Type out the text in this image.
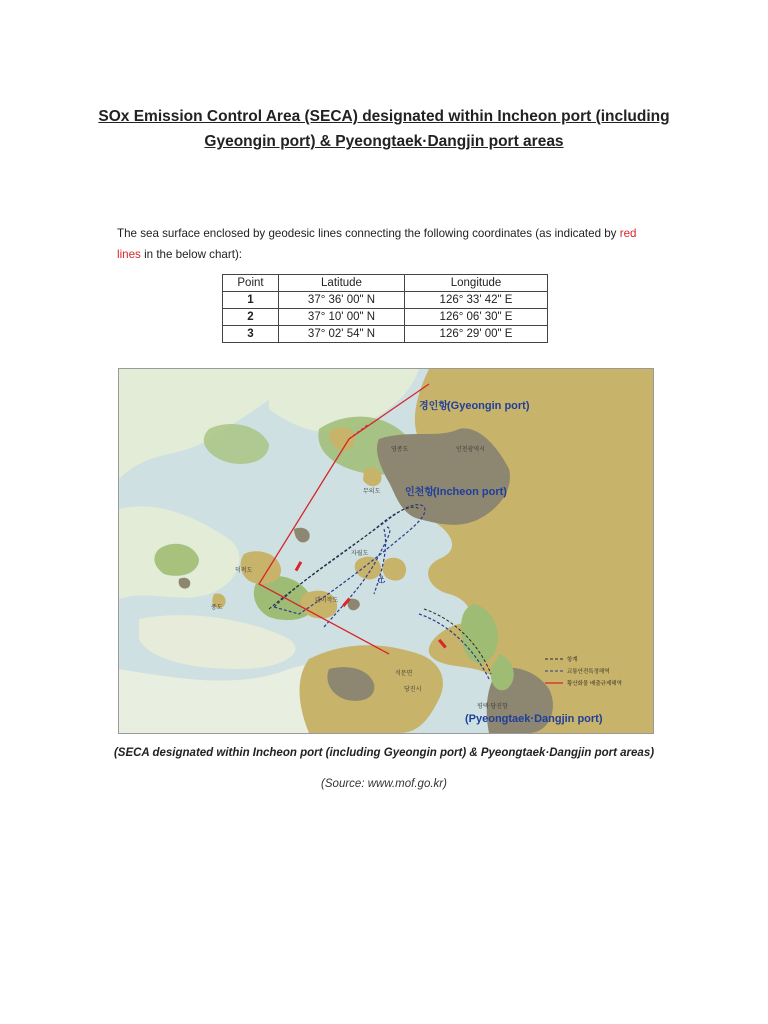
SOx Emission Control Area (SECA) designated within Incheon port (including
Gyeongin port) & Pyeongtaek·Dangjin port areas
The sea surface enclosed by geodesic lines connecting the following coordinates (as indicated by red lines in the below chart):
Point	Latitude	Longitude
1	37° 36' 00" N	126° 33' 42" E
2	37° 10' 00" N	126° 06' 30" E
3	37° 02' 54" N	126° 29' 00" E
⚓
영종도	인천광역시
무의도
덕적도
자월도
대이작도
풍도
석문면
당진시
경인항 (Gyeongin port)
인천항 (Incheon port)
평택·당진항
(Pyeongtaek·Dangjin port)
항계
교통안전특정해역
황산화물 배출규제해역
(SECA designated within Incheon port (including Gyeongin port) & Pyeongtaek·Dangjin port areas)
(Source: www.mof.go.kr)
